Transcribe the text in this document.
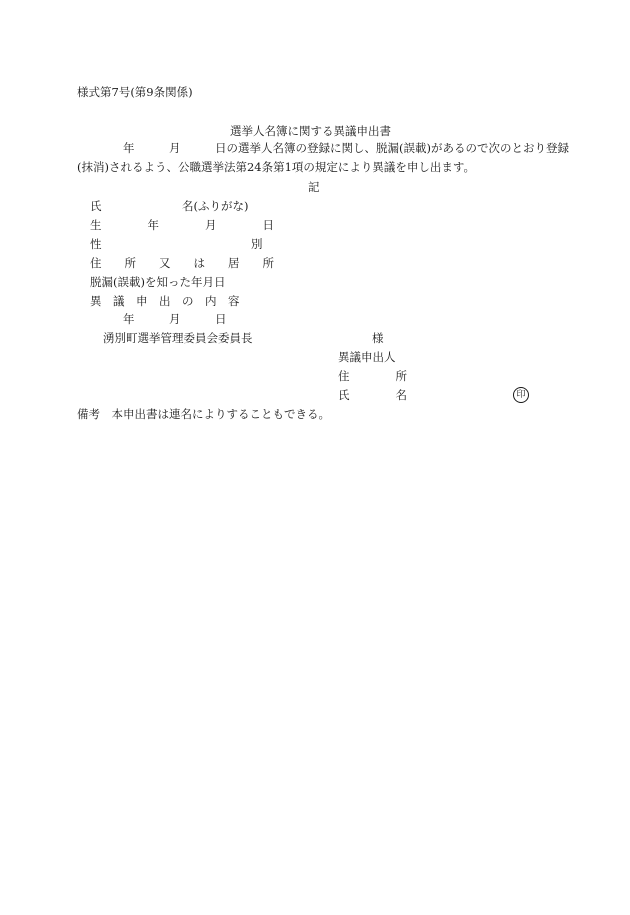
様式第7号(第9条関係)
選挙人名簿に関する異議申出書
　　　　年　　　月　　　日の選挙人名簿の登録に関し、脱漏(誤載)があるので次のとおり登録
(抹消)されるよう、公職選挙法第24条第1項の規定により異議を申し出ます。
記
氏　　　　　　　名(ふりがな)
生　　　　年　　　　月　　　　日
性　　　　　　　　　　　　　別
住　　所　　又　　は　　居　　所
脱漏(誤載)を知った年月日
異　議　申　出　の　内　容
年　　　月　　　日
湧別町選挙管理委員会委員長	様
異議申出人
住　　　　所
氏　　　　名	印
備考　本申出書は連名によりすることもできる。
